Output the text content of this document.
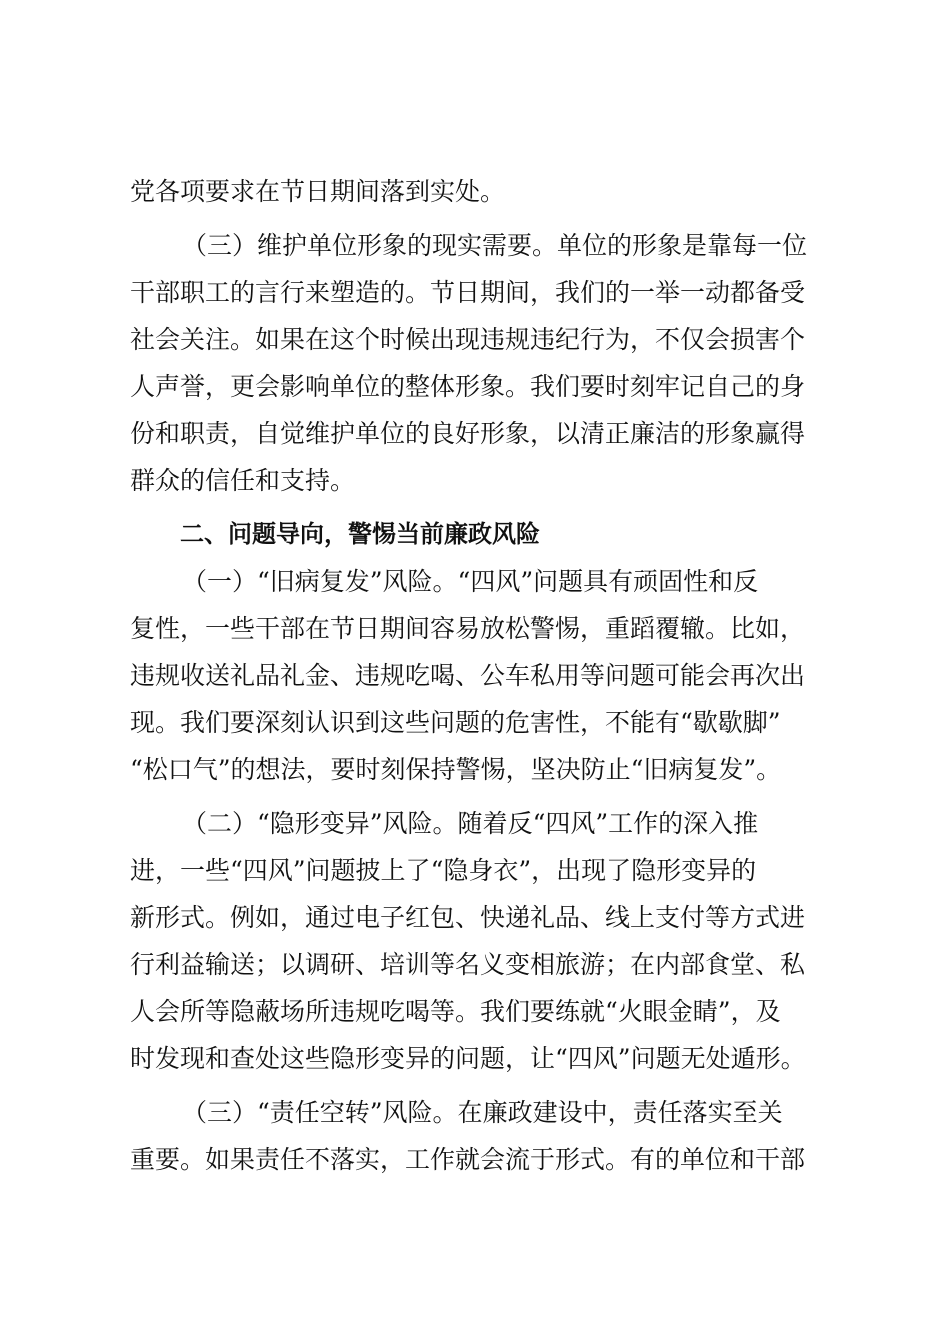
党各项要求在节日期间落到实处。

（三）维护单位形象的现实需要。单位的形象是靠每一位
干部职工的言行来塑造的。节日期间，我们的一举一动都备受
社会关注。如果在这个时候出现违规违纪行为，不仅会损害个
人声誉，更会影响单位的整体形象。我们要时刻牢记自己的身
份和职责，自觉维护单位的良好形象，以清正廉洁的形象赢得
群众的信任和支持。

二、问题导向，警惕当前廉政风险

（一）“旧病复发”风险。“四风”问题具有顽固性和反
复性，一些干部在节日期间容易放松警惕，重蹈覆辙。比如，
违规收送礼品礼金、违规吃喝、公车私用等问题可能会再次出
现。我们要深刻认识到这些问题的危害性，不能有“歇歇脚”
“松口气”的想法，要时刻保持警惕，坚决防止“旧病复发”。

（二）“隐形变异”风险。随着反“四风”工作的深入推
进，一些“四风”问题披上了“隐身衣”，出现了隐形变异的
新形式。例如，通过电子红包、快递礼品、线上支付等方式进
行利益输送；以调研、培训等名义变相旅游；在内部食堂、私
人会所等隐蔽场所违规吃喝等。我们要练就“火眼金睛”，及
时发现和查处这些隐形变异的问题，让“四风”问题无处遁形。

（三）“责任空转”风险。在廉政建设中，责任落实至关
重要。如果责任不落实，工作就会流于形式。有的单位和干部
